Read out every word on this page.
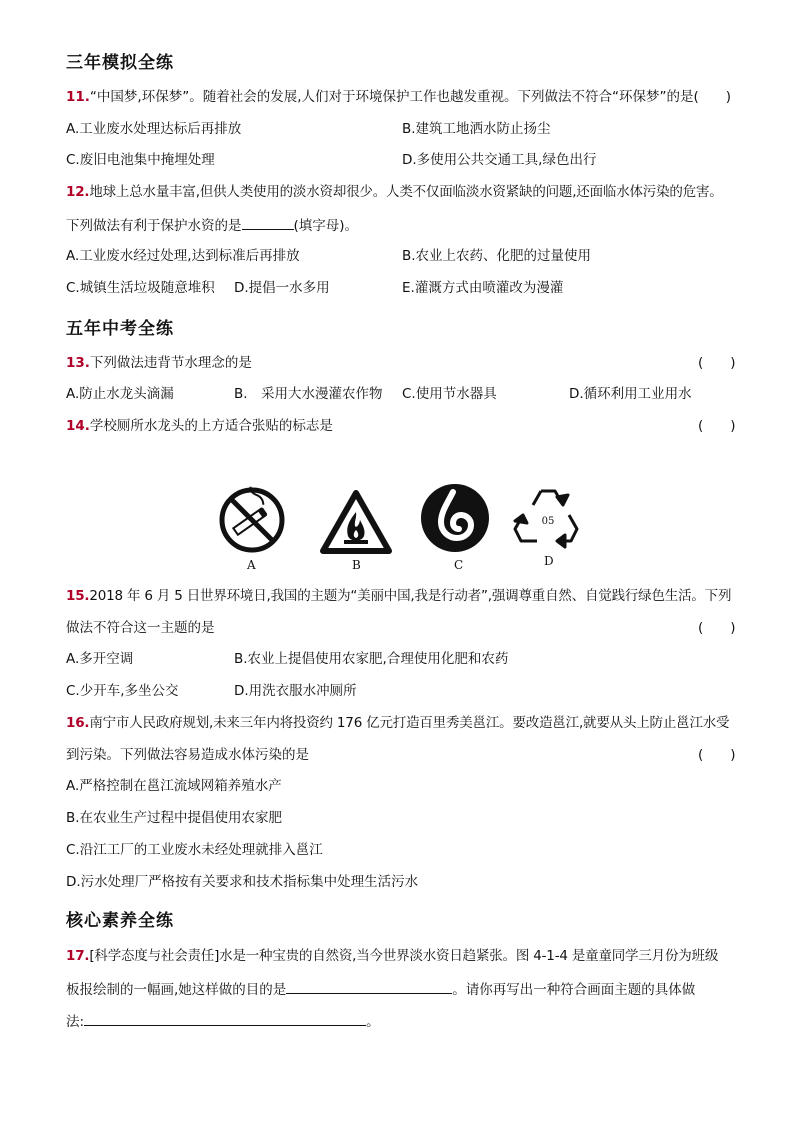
三年模拟全练
11.“中国梦,环保梦”。随着社会的发展,人们对于环境保护工作也越发重视。下列做法不符合“环保梦”的是(　　)
A.工业废水处理达标后再排放	B.建筑工地洒水防止扬尘
C.废旧电池集中掩埋处理	D.多使用公共交通工具,绿色出行
12.地球上总水量丰富,但供人类使用的淡水资却很少。人类不仅面临淡水资紧缺的问题,还面临水体污染的危害。
下列做法有利于保护水资的是	(填字母)。
A.工业废水经过处理,达到标准后再排放	B.农业上农药、化肥的过量使用
C.城镇生活垃圾随意堆积 D.提倡一水多用	E.灌溉方式由喷灌改为漫灌
五年中考全练
13.下列做法违背节水理念的是	(　　)
A.防止水龙头滴漏	B.　采用大水漫灌农作物 C.使用节水器具	D.循环利用工业用水
14.学校厕所水龙头的上方适合张贴的标志是	(　　)
A	B	C
05
D
15.2018 年 6 月 5 日世界环境日,我国的主题为“美丽中国,我是行动者”,强调尊重自然、自觉践行绿色生活。下列
做法不符合这一主题的是	(　　)
A.多开空调	B.农业上提倡使用农家肥,合理使用化肥和农药
C.少开车,多坐公交	D.用洗衣服水冲厕所
16.南宁市人民政府规划,未来三年内将投资约 176 亿元打造百里秀美邕江。要改造邕江,就要从头上防止邕江水受
到污染。下列做法容易造成水体污染的是	(　　)
A.严格控制在邕江流域网箱养殖水产
B.在农业生产过程中提倡使用农家肥
C.沿江工厂的工业废水未经处理就排入邕江
D.污水处理厂严格按有关要求和技术指标集中处理生活污水
核心素养全练
17.[科学态度与社会责任]水是一种宝贵的自然资,当今世界淡水资日趋紧张。图 4-1-4 是童童同学三月份为班级
板报绘制的一幅画,她这样做的目的是	。请你再写出一种符合画面主题的具体做
法:	。
